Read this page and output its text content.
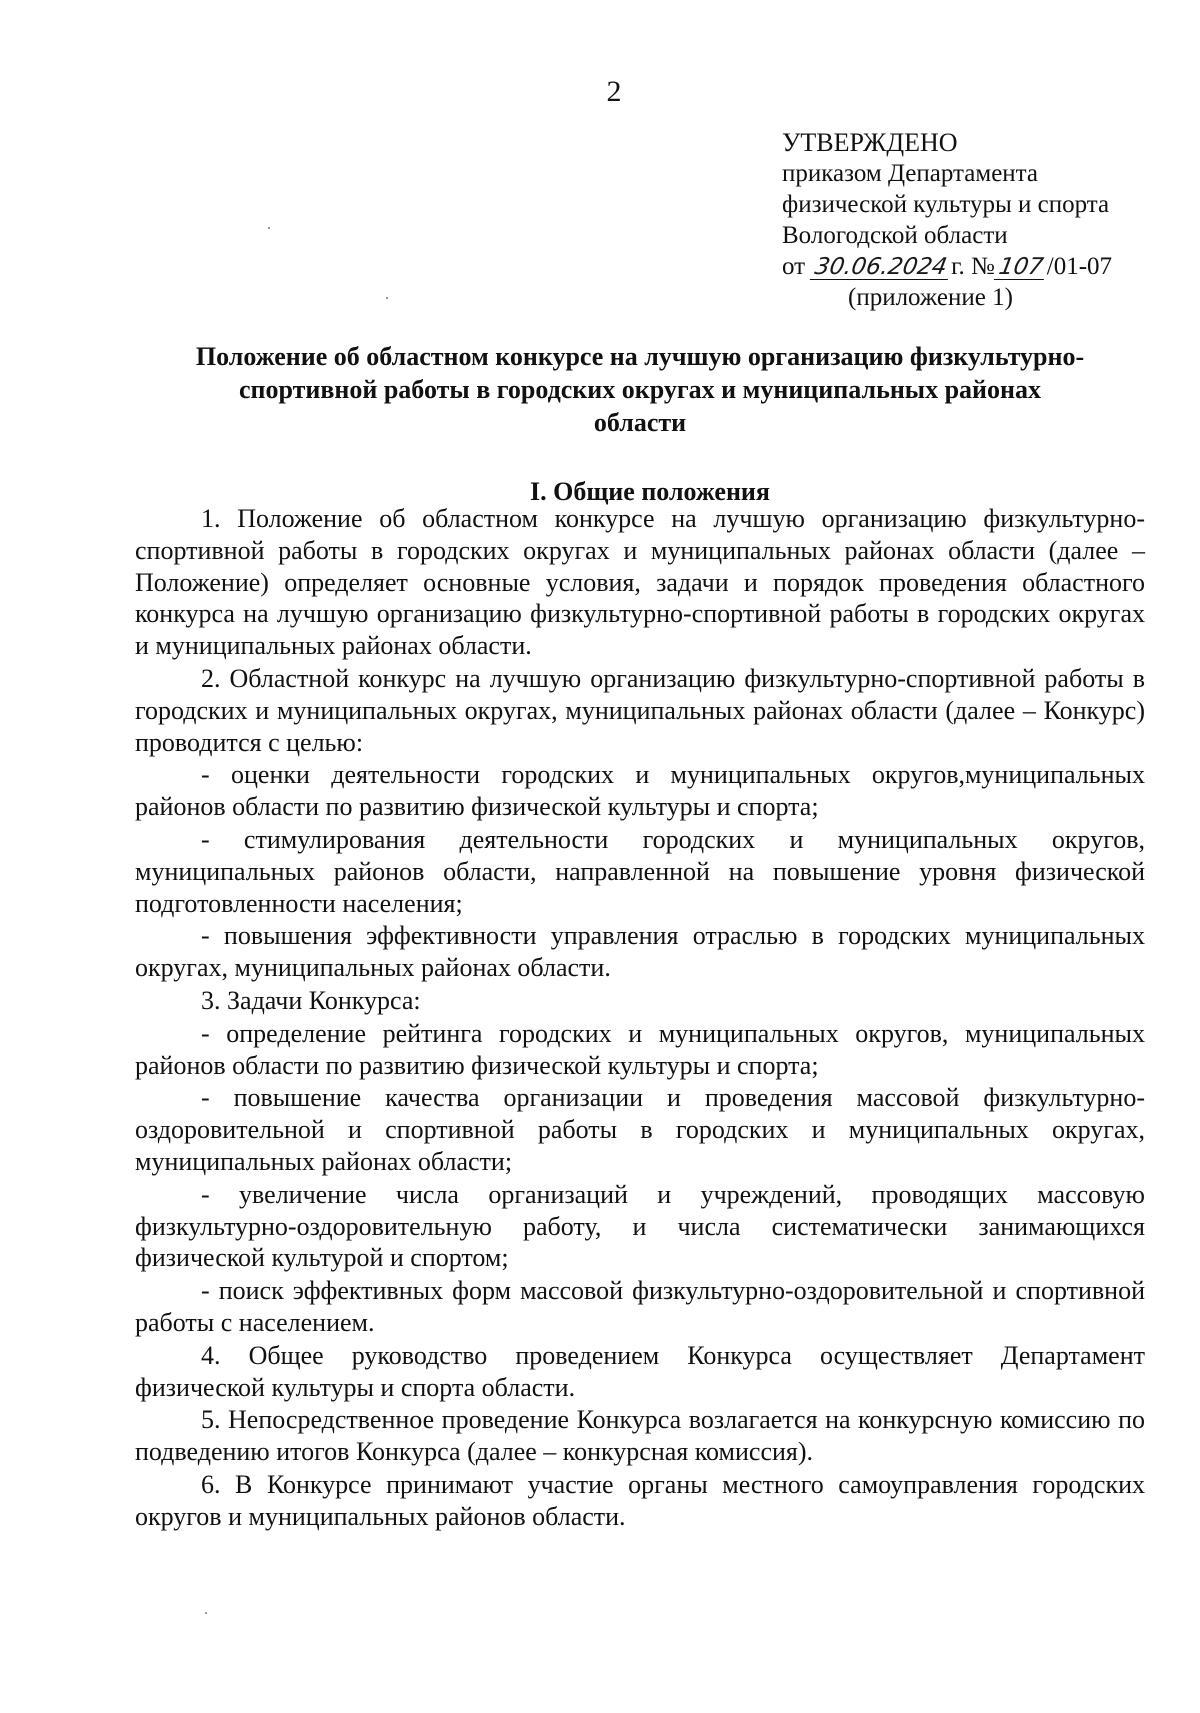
2
УТВЕРЖДЕНО
приказом Департамента
физической культуры и спорта
Вологодской области
от 30.06.2024г. №107/01-07
(приложение 1)
Положение об областном конкурсе на лучшую организацию физкультурно-спортивной работы в городских округах и муниципальных районах области
I. Общие положения

1. Положение об областном конкурсе на лучшую организацию физкультурно-спортивной работы в городских округах и муниципальных районах области (далее – Положение) определяет основные условия, задачи и порядок проведения областного конкурса на лучшую организацию физкультурно-спортивной работы в городских округах и муниципальных районах области.

2. Областной конкурс на лучшую организацию физкультурно-спортивной работы в городских и муниципальных округах, муниципальных районах области (далее – Конкурс) проводится с целью:

- оценки деятельности городских и муниципальных округов,муниципальных районов области по развитию физической культуры и спорта;

- стимулирования деятельности городских и муниципальных округов, муниципальных районов области, направленной на повышение уровня физической подготовленности населения;

- повышения эффективности управления отраслью в городских муниципальных округах, муниципальных районах области.

3. Задачи Конкурса:

- определение рейтинга городских и муниципальных округов, муниципальных районов области по развитию физической культуры и спорта;

- повышение качества организации и проведения массовой физкультурно-оздоровительной и спортивной работы в городских и муниципальных округах, муниципальных районах области;

- увеличение числа организаций и учреждений, проводящих массовую физкультурно-оздоровительную работу, и числа систематически занимающихся физической культурой и спортом;

- поиск эффективных форм массовой физкультурно-оздоровительной и спортивной работы с населением.

4. Общее руководство проведением Конкурса осуществляет Департамент физической культуры и спорта области.

5. Непосредственное проведение Конкурса возлагается на конкурсную комиссию по подведению итогов Конкурса (далее – конкурсная комиссия).

6. В Конкурсе принимают участие органы местного самоуправления городских округов и муниципальных районов области.
